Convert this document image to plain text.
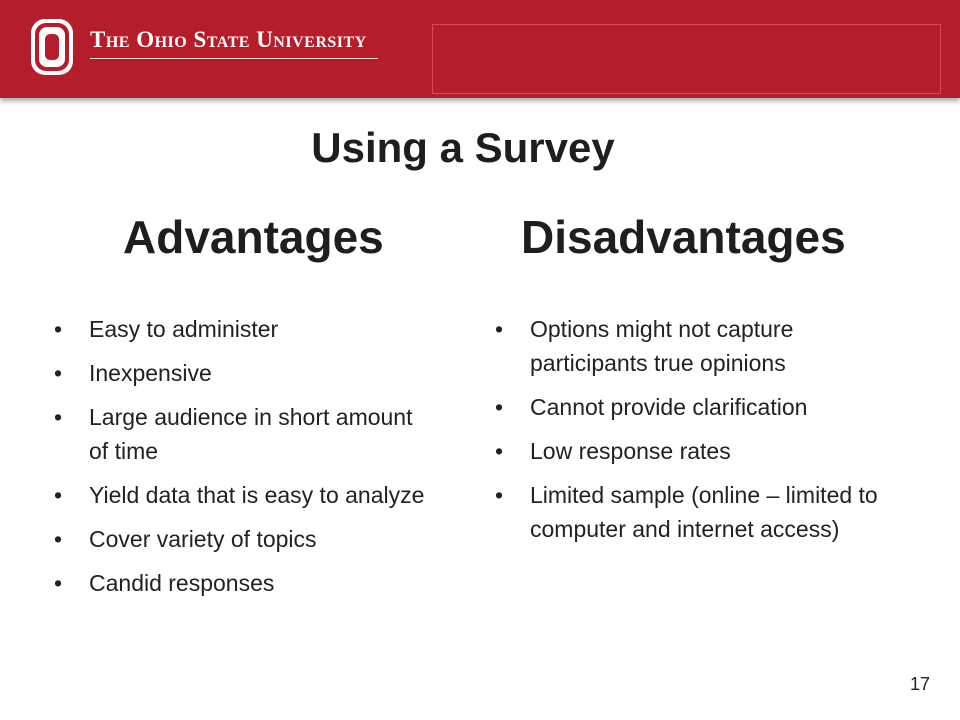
The Ohio State University
Using a Survey
Advantages	Disadvantages
• Easy to administer
• Inexpensive
• Large audience in short amount of time
• Yield data that is easy to analyze
• Cover variety of topics
• Candid responses
• Options might not capture participants true opinions
• Cannot provide clarification
• Low response rates
• Limited sample (online – limited to computer and internet access)
17
